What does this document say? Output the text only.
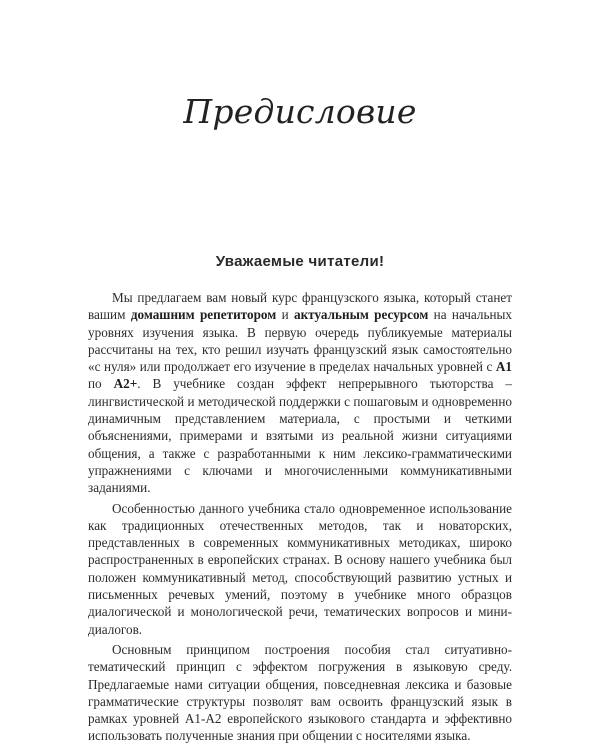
Предисловие
Уважаемые читатели!

Мы предлагаем вам новый курс французского языка, который станет вашим домашним репетитором и актуальным ресурсом на начальных уровнях изучения языка. В первую очередь публикуемые материалы рассчитаны на тех, кто решил изучать французский язык самостоятельно «с нуля» или продолжает его изучение в пределах начальных уровней с A1 по A2+. В учебнике создан эффект непрерывного тьюторства – лингвистической и методической поддержки с пошаговым и одновременно динамичным представлением материала, с простыми и четкими объяснениями, примерами и взятыми из реальной жизни ситуациями общения, а также с разработанными к ним лексико-грамматическими упражнениями с ключами и многочисленными коммуникативными заданиями.

Особенностью данного учебника стало одновременное использование как традиционных отечественных методов, так и новаторских, представленных в современных коммуникативных методиках, широко распространенных в европейских странах. В основу нашего учебника был положен коммуникативный метод, способствующий развитию устных и письменных речевых умений, поэтому в учебнике много образцов диалогической и монологической речи, тематических вопросов и мини-диалогов.

Основным принципом построения пособия стал ситуативно-тематический принцип с эффектом погружения в языковую среду. Предлагаемые нами ситуации общения, повседневная лексика и базовые грамматические структуры позволят вам освоить французский язык в рамках уровней A1-A2 европейского языкового стандарта и эффективно использовать полученные знания при общении с носителями языка.
